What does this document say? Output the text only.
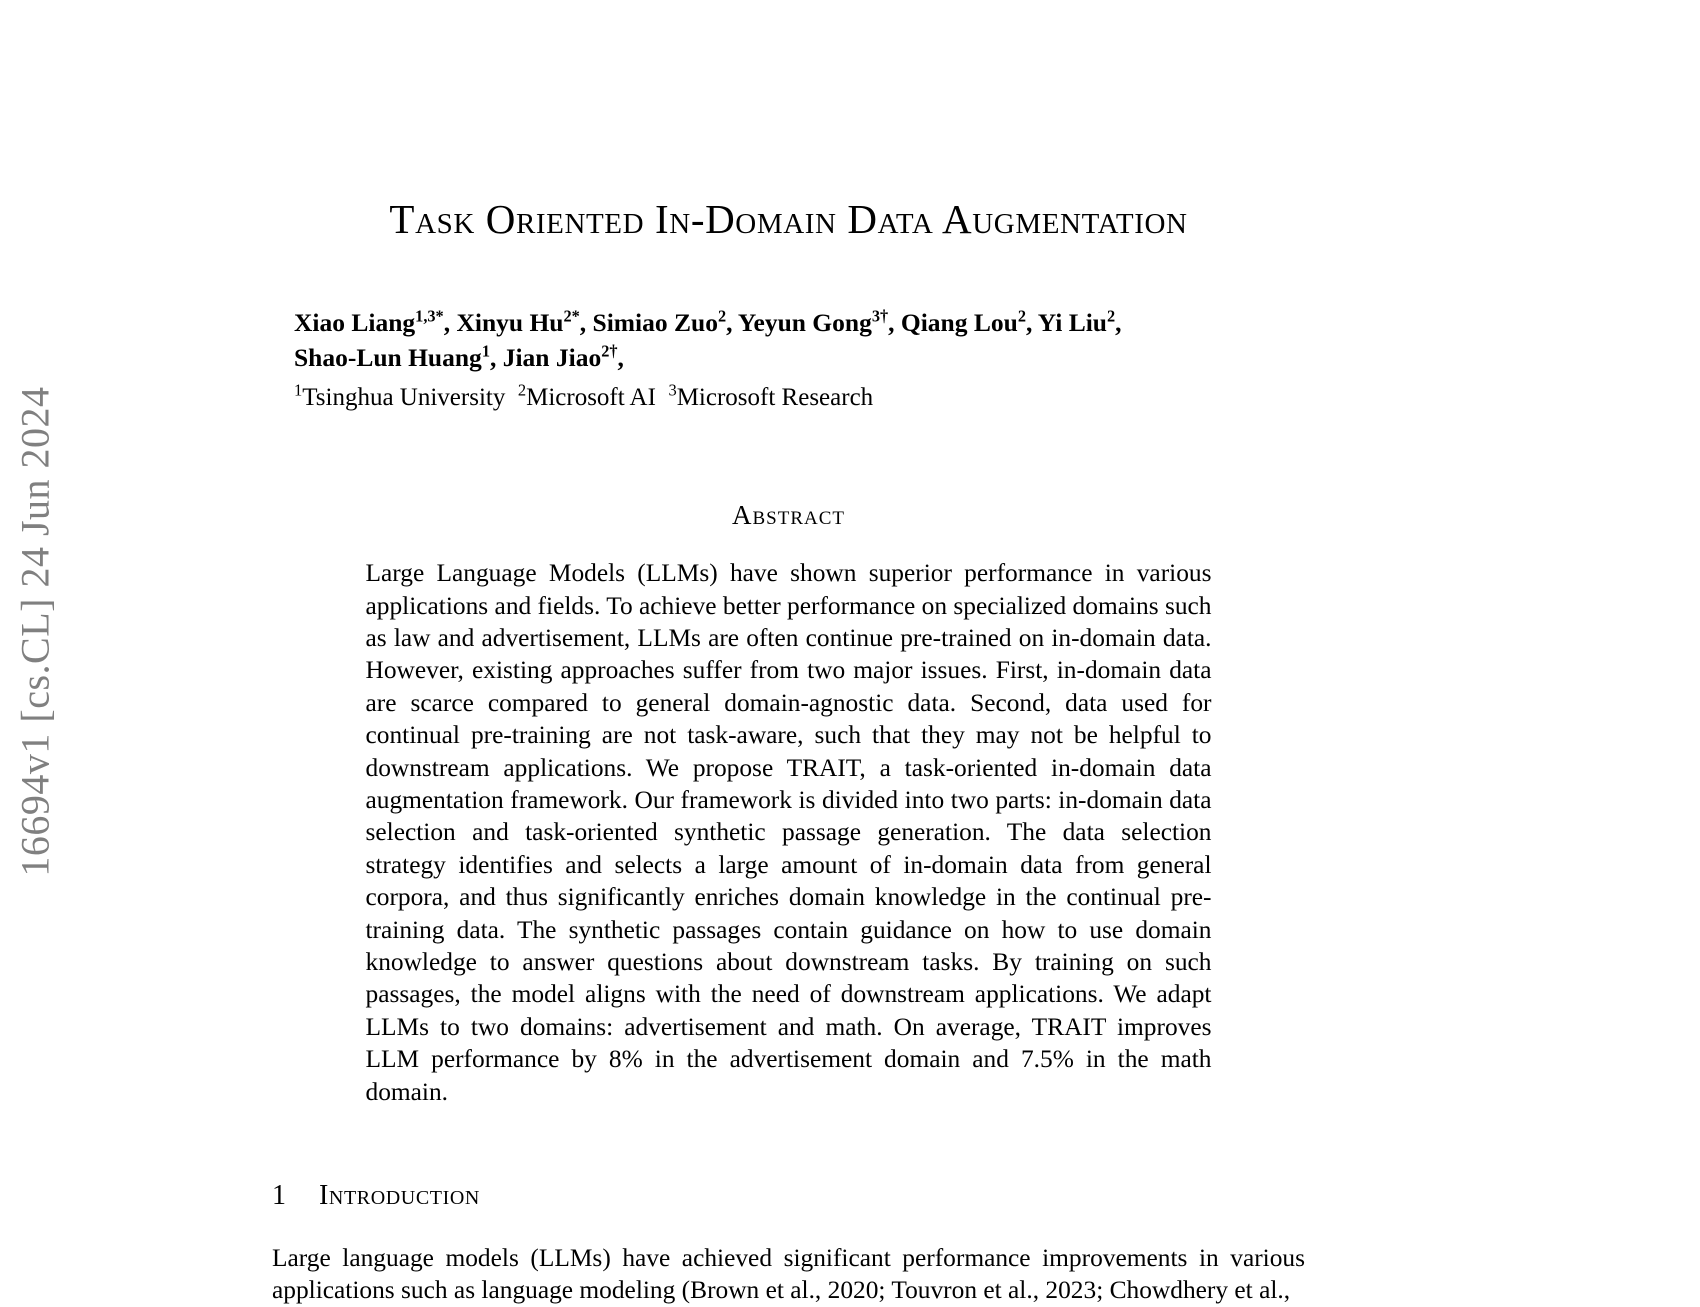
16694v1 [cs.CL] 24 Jun 2024
Task Oriented In-Domain Data Augmentation
Xiao Liang$^{1,3*}$, Xinyu $Hu^{2*}$, Simiao Zuo$^2$, Yeyun Gong$^{3\dagger}$, Qiang Lou$^2$, Yi Liu$^2$,
Shao-Lun Huang$^1$, Jian Jiao$^{2\dagger}$,
$^1$Tsinghua University  $^2$Microsoft AI  $^3$Microsoft Research
Abstract

Large Language Models (LLMs) have shown superior performance in various applications and fields. To achieve better performance on specialized domains such as law and advertisement, LLMs are often continue pre-trained on in-domain data. However, existing approaches suffer from two major issues. First, in-domain data are scarce compared to general domain-agnostic data. Second, data used for continual pre-training are not task-aware, such that they may not be helpful to downstream applications. We propose TRAIT, a task-oriented in-domain data augmentation framework. Our framework is divided into two parts: in-domain data selection and task-oriented synthetic passage generation. The data selection strategy identifies and selects a large amount of in-domain data from general corpora, and thus significantly enriches domain knowledge in the continual pre-training data. The synthetic passages contain guidance on how to use domain knowledge to answer questions about downstream tasks. By training on such passages, the model aligns with the need of downstream applications. We adapt LLMs to two domains: advertisement and math. On average, TRAIT improves LLM performance by 8% in the advertisement domain and 7.5% in the math domain.

1 Introduction

Large language models (LLMs) have achieved significant performance improvements in various applications such as language modeling (Brown et al., 2020; Touvron et al., 2023; Chowdhery et al.,
